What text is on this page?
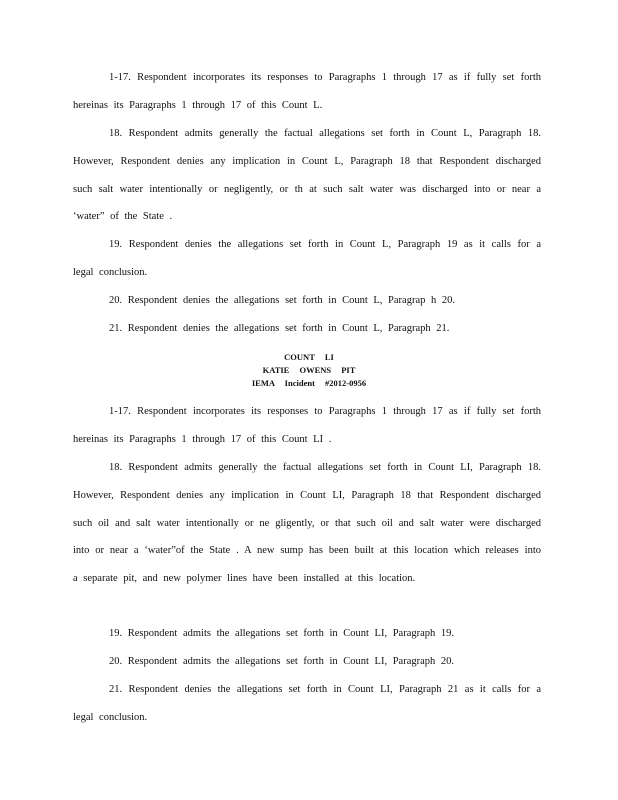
1-17. Respondent incorporates its responses to Paragraphs 1 through 17 as if fully set forth hereinas its Paragraphs 1 through 17 of this Count L.

18. Respondent admits generally the factual allegations set forth in Count L, Paragraph 18. However, Respondent denies any implication in Count L, Paragraph 18 that Respondent discharged such salt water intentionally or negligently, or th at such salt water was discharged into or near a ‘water” of the State .

19. Respondent denies the allegations set forth in Count L, Paragraph 19 as it calls for a legal conclusion.

20. Respondent denies the allegations set forth in Count L, Paragrap h 20.

21. Respondent denies the allegations set forth in Count L, Paragraph 21.

COUNT LI
KATIE OWENS PIT
IEMA Incident #2012-0956

1-17. Respondent incorporates its responses to Paragraphs 1 through 17 as if fully set forth hereinas its Paragraphs 1 through 17 of this Count LI .

18. Respondent admits generally the factual allegations set forth in Count LI, Paragraph 18. However, Respondent denies any implication in Count LI, Paragraph 18 that Respondent discharged such oil and salt water intentionally or ne gligently, or that such oil and salt water were discharged into or near a ‘water”of the State . A new sump has been built at this location which releases into a separate pit, and new polymer lines have been installed at this location.

19. Respondent admits the allegations set forth in Count LI, Paragraph 19.

20. Respondent admits the allegations set forth in Count LI, Paragraph 20.

21. Respondent denies the allegations set forth in Count LI, Paragraph 21 as it calls for a legal conclusion.
